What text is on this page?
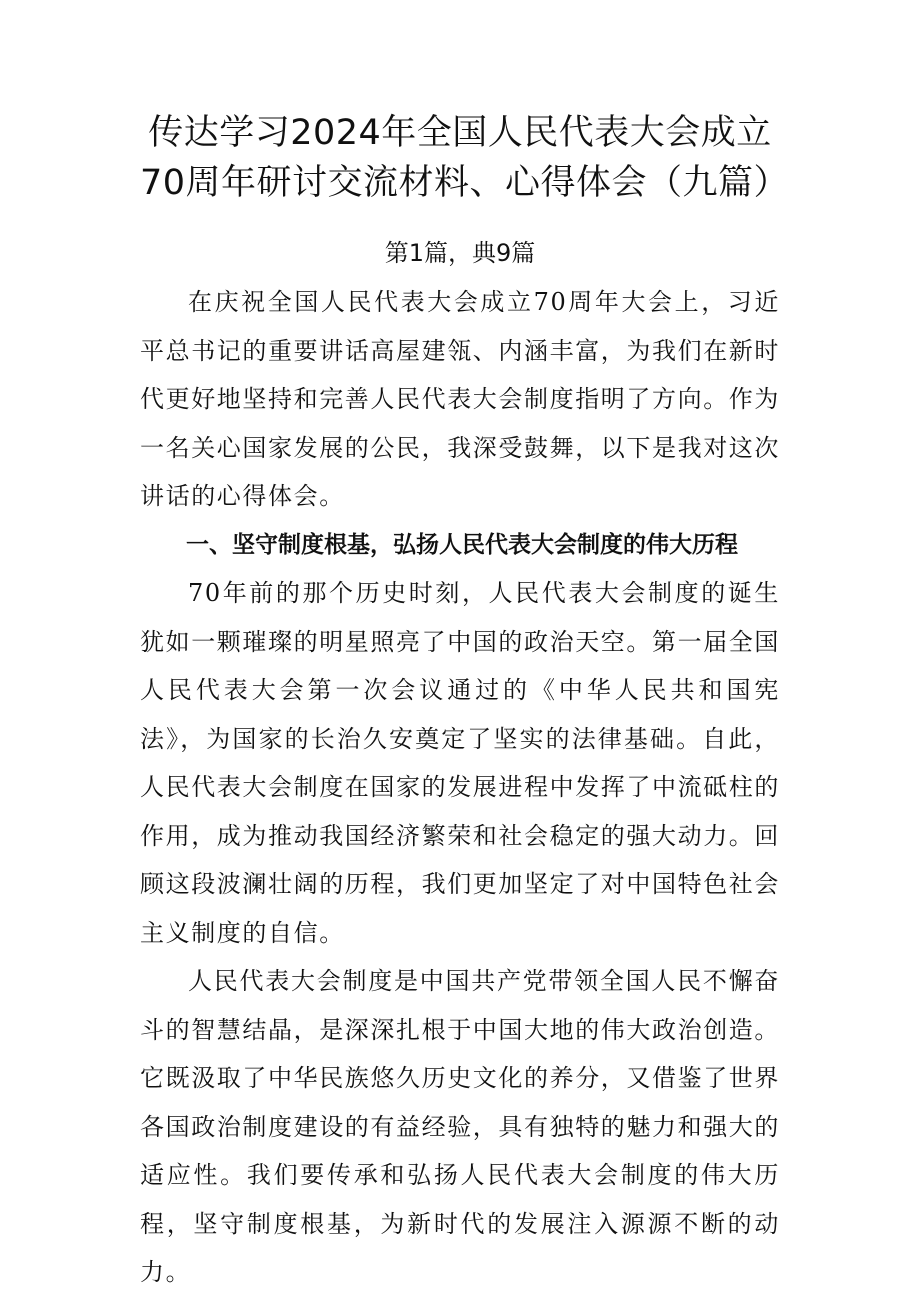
传达学习2024年全国人民代表大会成立70周年研讨交流材料、心得体会（九篇）
第1篇，典9篇

在庆祝全国人民代表大会成立70周年大会上，习近平总书记的重要讲话高屋建瓴、内涵丰富，为我们在新时代更好地坚持和完善人民代表大会制度指明了方向。作为一名关心国家发展的公民，我深受鼓舞，以下是我对这次讲话的心得体会。

一、坚守制度根基，弘扬人民代表大会制度的伟大历程

70年前的那个历史时刻，人民代表大会制度的诞生犹如一颗璀璨的明星照亮了中国的政治天空。第一届全国人民代表大会第一次会议通过的《中华人民共和国宪法》，为国家的长治久安奠定了坚实的法律基础。自此，人民代表大会制度在国家的发展进程中发挥了中流砥柱的作用，成为推动我国经济繁荣和社会稳定的强大动力。回顾这段波澜壮阔的历程，我们更加坚定了对中国特色社会主义制度的自信。

人民代表大会制度是中国共产党带领全国人民不懈奋斗的智慧结晶，是深深扎根于中国大地的伟大政治创造。它既汲取了中华民族悠久历史文化的养分，又借鉴了世界各国政治制度建设的有益经验，具有独特的魅力和强大的适应性。我们要传承和弘扬人民代表大会制度的伟大历程，坚守制度根基，为新时代的发展注入源源不断的动力。
